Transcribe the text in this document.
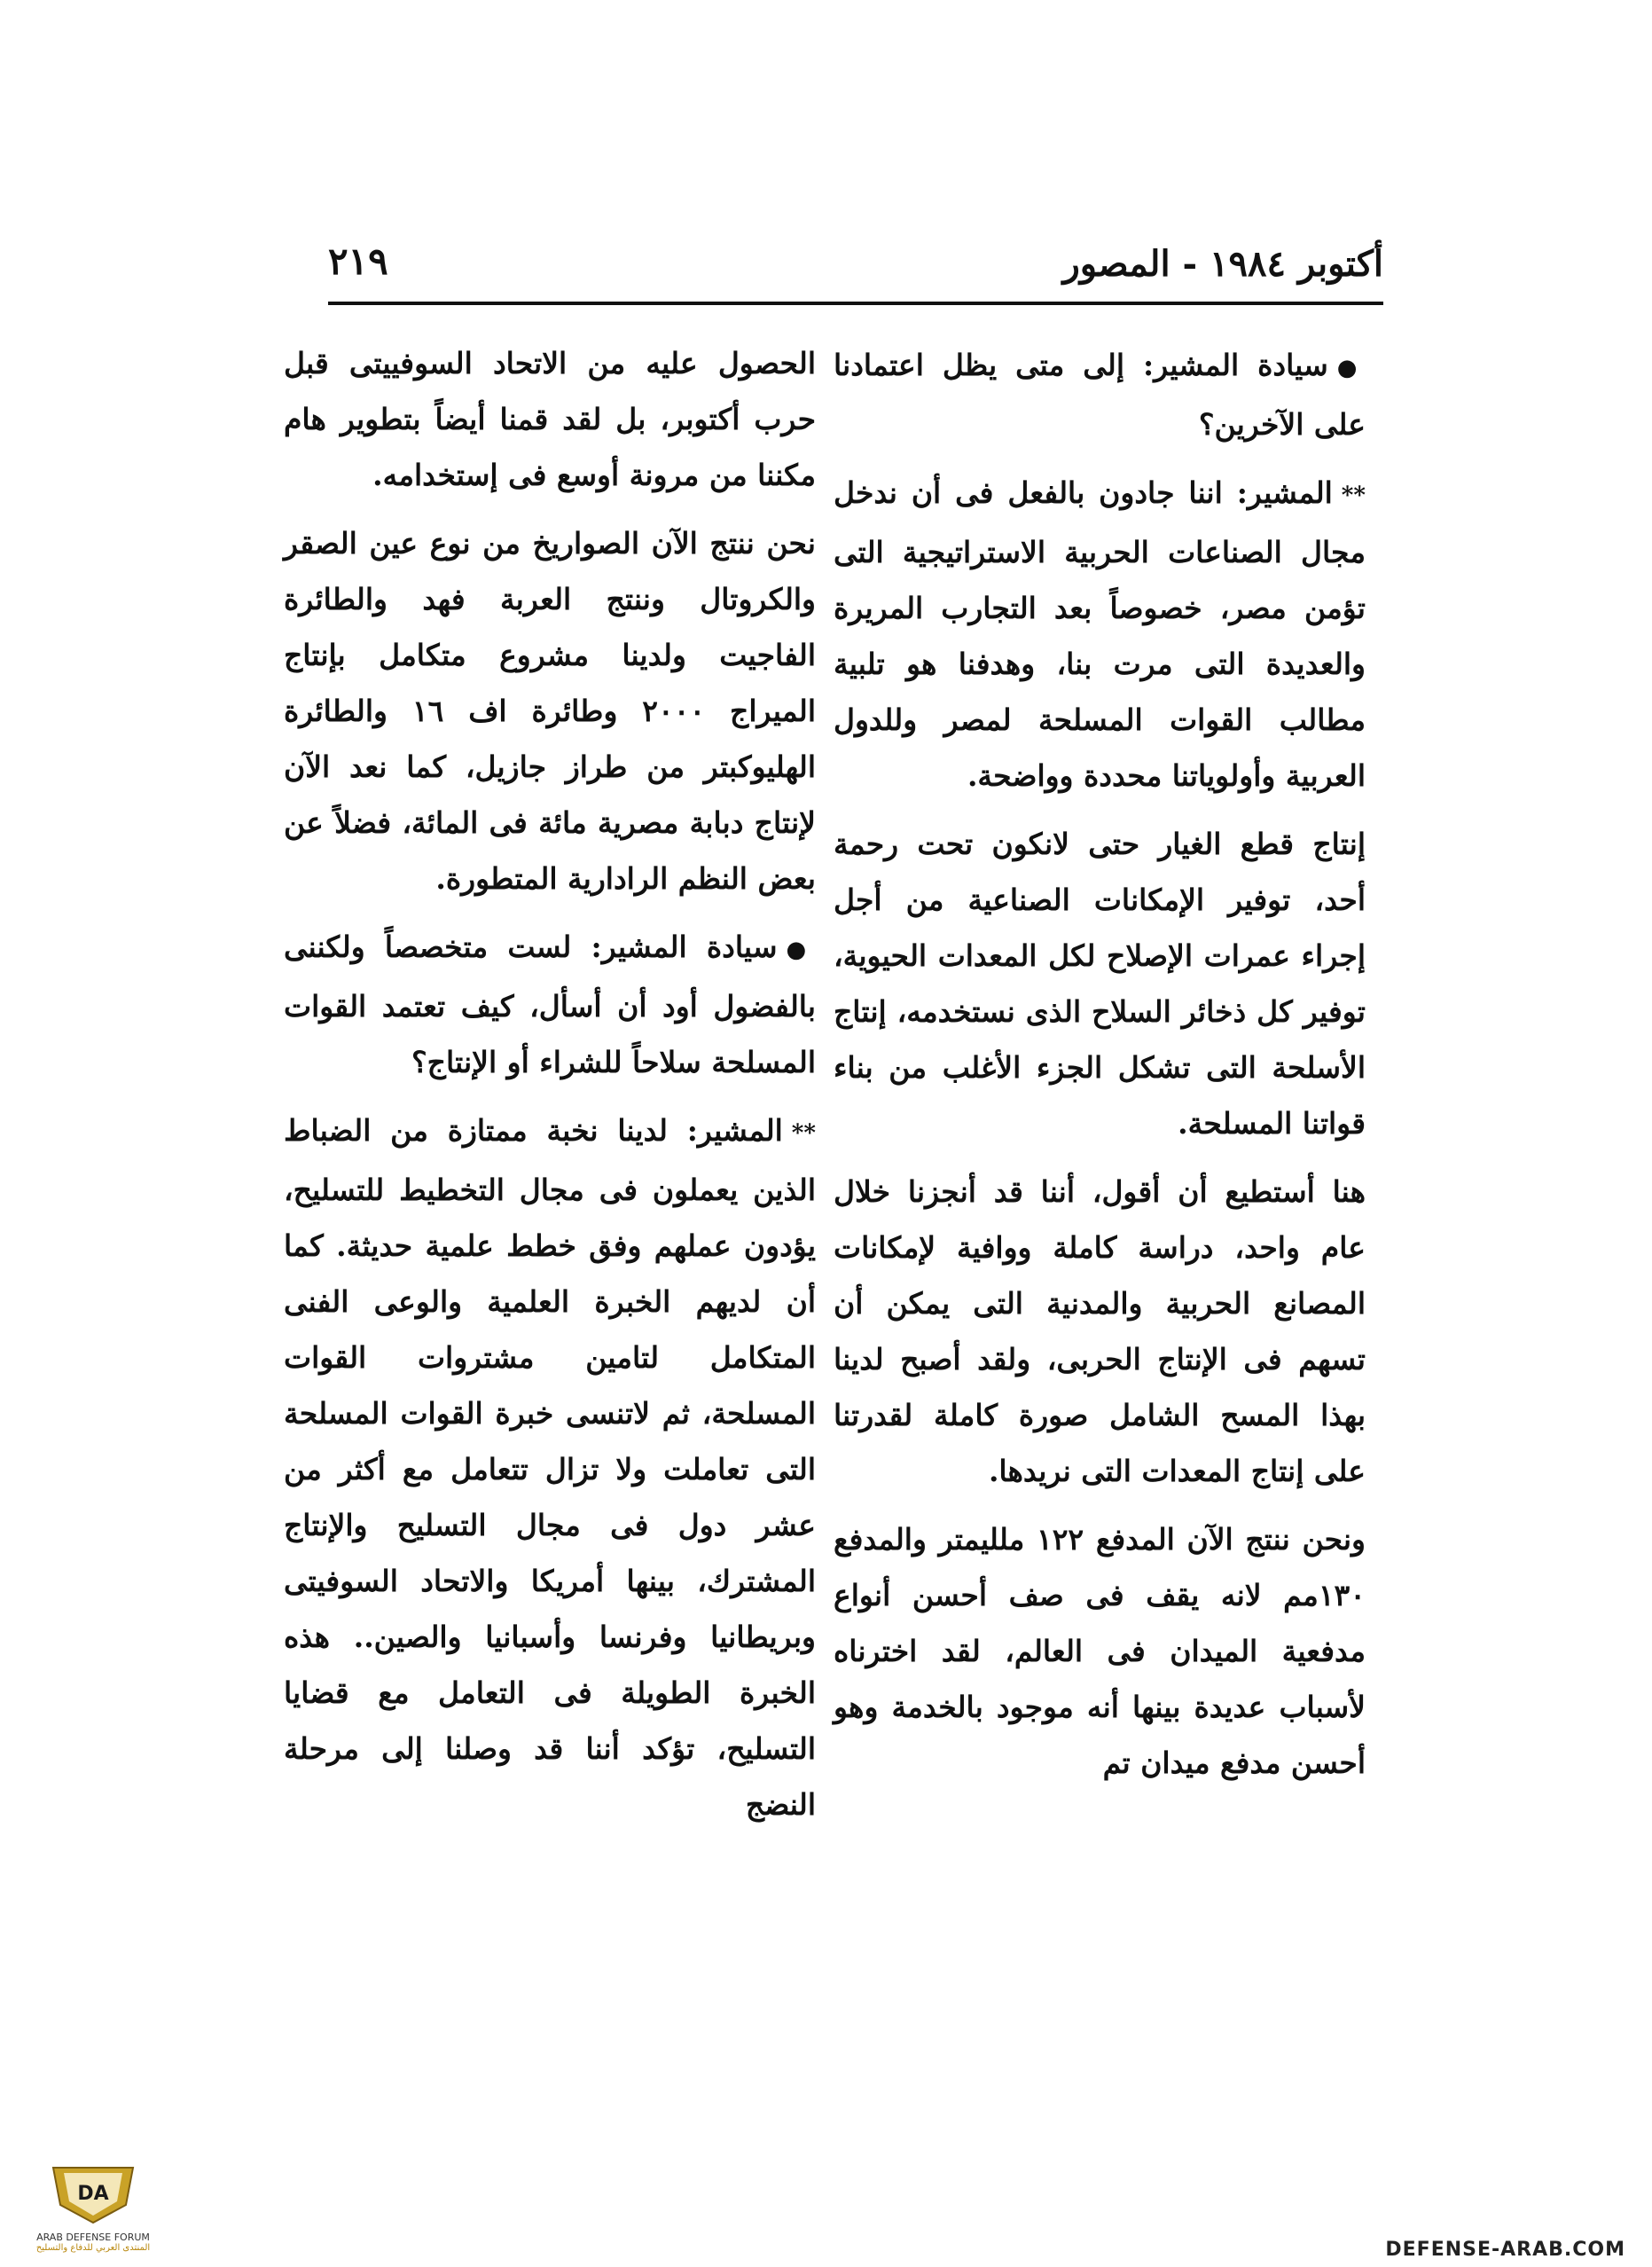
أكتوبر ١٩٨٤ - المصور
٢١٩

●سيادة المشير: إلى متى يظل اعتمادنا على الآخرين؟

**المشير: اننا جادون بالفعل فى أن ندخل مجال الصناعات الحربية الاستراتيجية التى تؤمن مصر، خصوصاً بعد التجارب المريرة والعديدة التى مرت بنا، وهدفنا هو تلبية مطالب القوات المسلحة لمصر وللدول العربية وأولوياتنا محددة وواضحة.

إنتاج قطع الغيار حتى لانكون تحت رحمة أحد، توفير الإمكانات الصناعية من أجل إجراء عمرات الإصلاح لكل المعدات الحيوية، توفير كل ذخائر السلاح الذى نستخدمه، إنتاج الأسلحة التى تشكل الجزء الأغلب من بناء قواتنا المسلحة.

هنا أستطيع أن أقول، أننا قد أنجزنا خلال عام واحد، دراسة كاملة ووافية لإمكانات المصانع الحربية والمدنية التى يمكن أن تسهم فى الإنتاج الحربى، ولقد أصبح لدينا بهذا المسح الشامل صورة كاملة لقدرتنا على إنتاج المعدات التى نريدها.

ونحن ننتج الآن المدفع ١٢٢ ملليمتر والمدفع ١٣٠مم لانه يقف فى صف أحسن أنواع مدفعية الميدان فى العالم، لقد اخترناه لأسباب عديدة بينها أنه موجود بالخدمة وهو أحسن مدفع ميدان تم

الحصول عليه من الاتحاد السوفييتى قبل حرب أكتوبر، بل لقد قمنا أيضاً بتطوير هام مكننا من مرونة أوسع فى إستخدامه.

نحن ننتج الآن الصواريخ من نوع عين الصقر والكروتال وننتج العربة فهد والطائرة الفاجيت ولدينا مشروع متكامل بإنتاج الميراج ٢٠٠٠ وطائرة اف ١٦ والطائرة الهليوكبتر من طراز جازيل، كما نعد الآن لإنتاج دبابة مصرية مائة فى المائة، فضلاً عن بعض النظم الرادارية المتطورة.

●سيادة المشير: لست متخصصاً ولكننى بالفضول أود أن أسأل، كيف تعتمد القوات المسلحة سلاحاً للشراء أو الإنتاج؟

**المشير: لدينا نخبة ممتازة من الضباط الذين يعملون فى مجال التخطيط للتسليح، يؤدون عملهم وفق خطط علمية حديثة. كما أن لديهم الخبرة العلمية والوعى الفنى المتكامل لتامين مشتروات القوات المسلحة، ثم لاتنسى خبرة القوات المسلحة التى تعاملت ولا تزال تتعامل مع أكثر من عشر دول فى مجال التسليح والإنتاج المشترك، بينها أمريكا والاتحاد السوفيتى وبريطانيا وفرنسا وأسبانيا والصين.. هذه الخبرة الطويلة فى التعامل مع قضايا التسليح، تؤكد أننا قد وصلنا إلى مرحلة النضج

DA
ARAB DEFENSE FORUM
المنتدى العربي للدفاع والتسليح	DEFENSE-ARAB.COM
